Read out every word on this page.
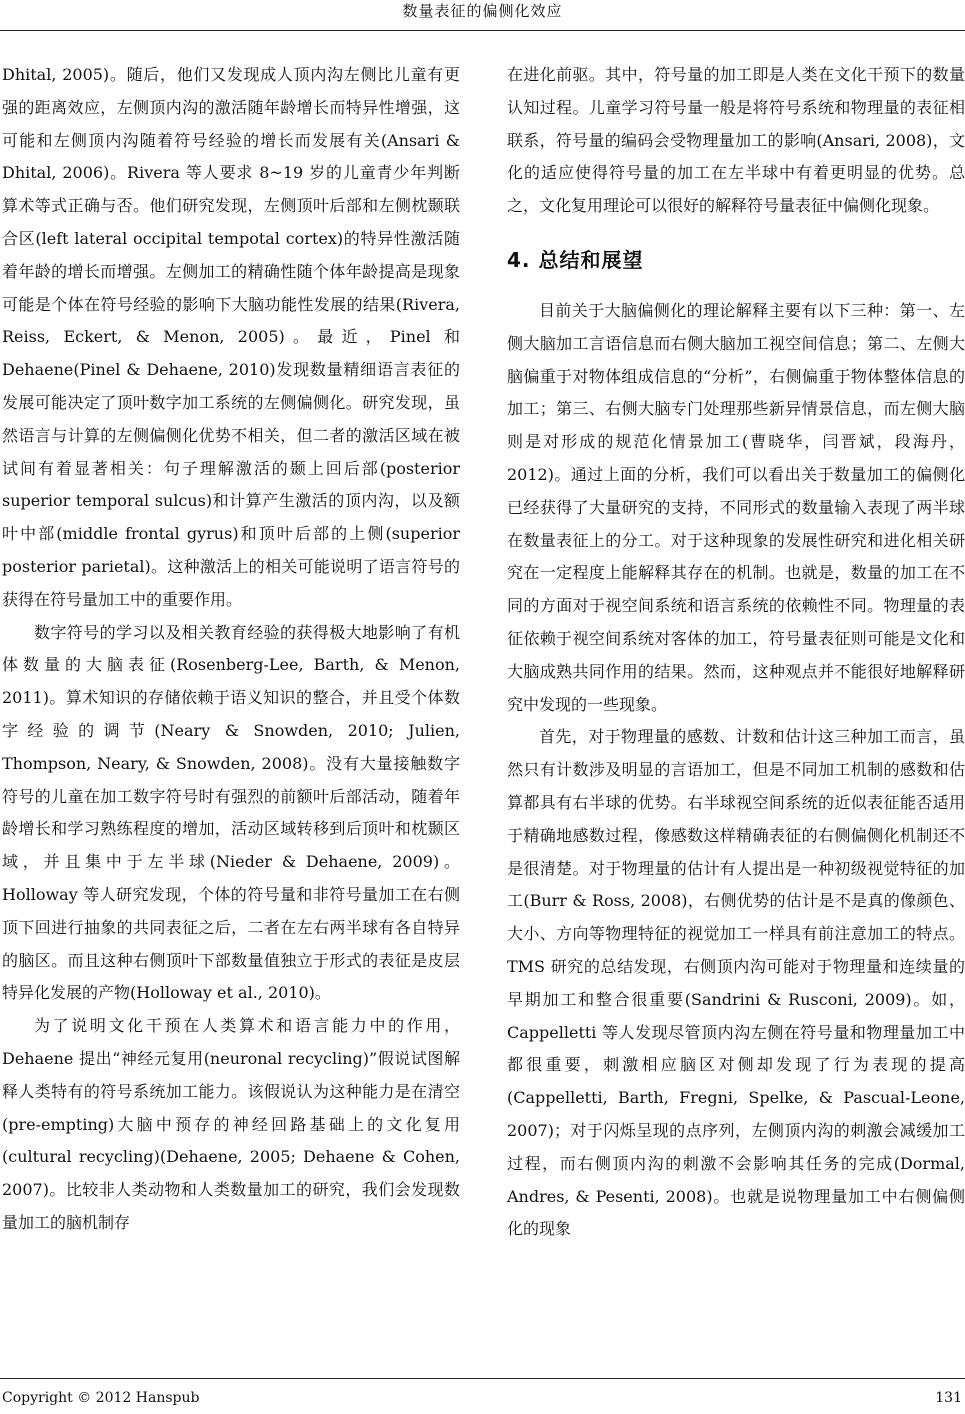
数量表征的偏侧化效应

Dhital, 2005)。随后，他们又发现成人顶内沟左侧比儿童有更强的距离效应，左侧顶内沟的激活随年龄增长而特异性增强，这可能和左侧顶内沟随着符号经验的增长而发展有关(Ansari & Dhital, 2006)。Rivera 等人要求 8~19 岁的儿童青少年判断算术等式正确与否。他们研究发现，左侧顶叶后部和左侧枕颞联合区(left lateral occipital tempotal cortex)的特异性激活随着年龄的增长而增强。左侧加工的精确性随个体年龄提高是现象可能是个体在符号经验的影响下大脑功能性发展的结果(Rivera, Reiss, Eckert, & Menon, 2005)。最近，Pinel 和 Dehaene(Pinel & Dehaene, 2010)发现数量精细语言表征的发展可能决定了顶叶数字加工系统的左侧偏侧化。研究发现，虽然语言与计算的左侧偏侧化优势不相关，但二者的激活区域在被试间有着显著相关：句子理解激活的颞上回后部(posterior superior temporal sulcus)和计算产生激活的顶内沟，以及额叶中部(middle frontal gyrus)和顶叶后部的上侧(superior posterior parietal)。这种激活上的相关可能说明了语言符号的获得在符号量加工中的重要作用。

数字符号的学习以及相关教育经验的获得极大地影响了有机体数量的大脑表征(Rosenberg-Lee, Barth, & Menon, 2011)。算术知识的存储依赖于语义知识的整合，并且受个体数字经验的调节(Neary & Snowden, 2010; Julien, Thompson, Neary, & Snowden, 2008)。没有大量接触数字符号的儿童在加工数字符号时有强烈的前额叶后部活动，随着年龄增长和学习熟练程度的增加，活动区域转移到后顶叶和枕颞区域，并且集中于左半球(Nieder & Dehaene, 2009)。Holloway 等人研究发现，个体的符号量和非符号量加工在右侧顶下回进行抽象的共同表征之后，二者在左右两半球有各自特异的脑区。而且这种右侧顶叶下部数量值独立于形式的表征是皮层特异化发展的产物(Holloway et al., 2010)。

为了说明文化干预在人类算术和语言能力中的作用，Dehaene 提出“神经元复用(neuronal recycling)”假说试图解释人类特有的符号系统加工能力。该假说认为这种能力是在清空(pre-empting)大脑中预存的神经回路基础上的文化复用(cultural recycling)(Dehaene, 2005; Dehaene & Cohen, 2007)。比较非人类动物和人类数量加工的研究，我们会发现数量加工的脑机制存

在进化前驱。其中，符号量的加工即是人类在文化干预下的数量认知过程。儿童学习符号量一般是将符号系统和物理量的表征相联系，符号量的编码会受物理量加工的影响(Ansari, 2008)，文化的适应使得符号量的加工在左半球中有着更明显的优势。总之，文化复用理论可以很好的解释符号量表征中偏侧化现象。

4. 总结和展望

目前关于大脑偏侧化的理论解释主要有以下三种：第一、左侧大脑加工言语信息而右侧大脑加工视空间信息；第二、左侧大脑偏重于对物体组成信息的“分析”，右侧偏重于物体整体信息的加工；第三、右侧大脑专门处理那些新异情景信息，而左侧大脑则是对形成的规范化情景加工(曹晓华，闫晋斌，段海丹，2012)。通过上面的分析，我们可以看出关于数量加工的偏侧化已经获得了大量研究的支持，不同形式的数量输入表现了两半球在数量表征上的分工。对于这种现象的发展性研究和进化相关研究在一定程度上能解释其存在的机制。也就是，数量的加工在不同的方面对于视空间系统和语言系统的依赖性不同。物理量的表征依赖于视空间系统对客体的加工，符号量表征则可能是文化和大脑成熟共同作用的结果。然而，这种观点并不能很好地解释研究中发现的一些现象。

首先，对于物理量的感数、计数和估计这三种加工而言，虽然只有计数涉及明显的言语加工，但是不同加工机制的感数和估算都具有右半球的优势。右半球视空间系统的近似表征能否适用于精确地感数过程，像感数这样精确表征的右侧偏侧化机制还不是很清楚。对于物理量的估计有人提出是一种初级视觉特征的加工(Burr & Ross, 2008)，右侧优势的估计是不是真的像颜色、大小、方向等物理特征的视觉加工一样具有前注意加工的特点。TMS 研究的总结发现，右侧顶内沟可能对于物理量和连续量的早期加工和整合很重要(Sandrini & Rusconi, 2009)。如，Cappelletti 等人发现尽管顶内沟左侧在符号量和物理量加工中都很重要，刺激相应脑区对侧却发现了行为表现的提高(Cappelletti, Barth, Fregni, Spelke, & Pascual-Leone, 2007)；对于闪烁呈现的点序列，左侧顶内沟的刺激会减缓加工过程，而右侧顶内沟的刺激不会影响其任务的完成(Dormal, Andres, & Pesenti, 2008)。也就是说物理量加工中右侧偏侧化的现象

Copyright © 2012 Hanspub	131
